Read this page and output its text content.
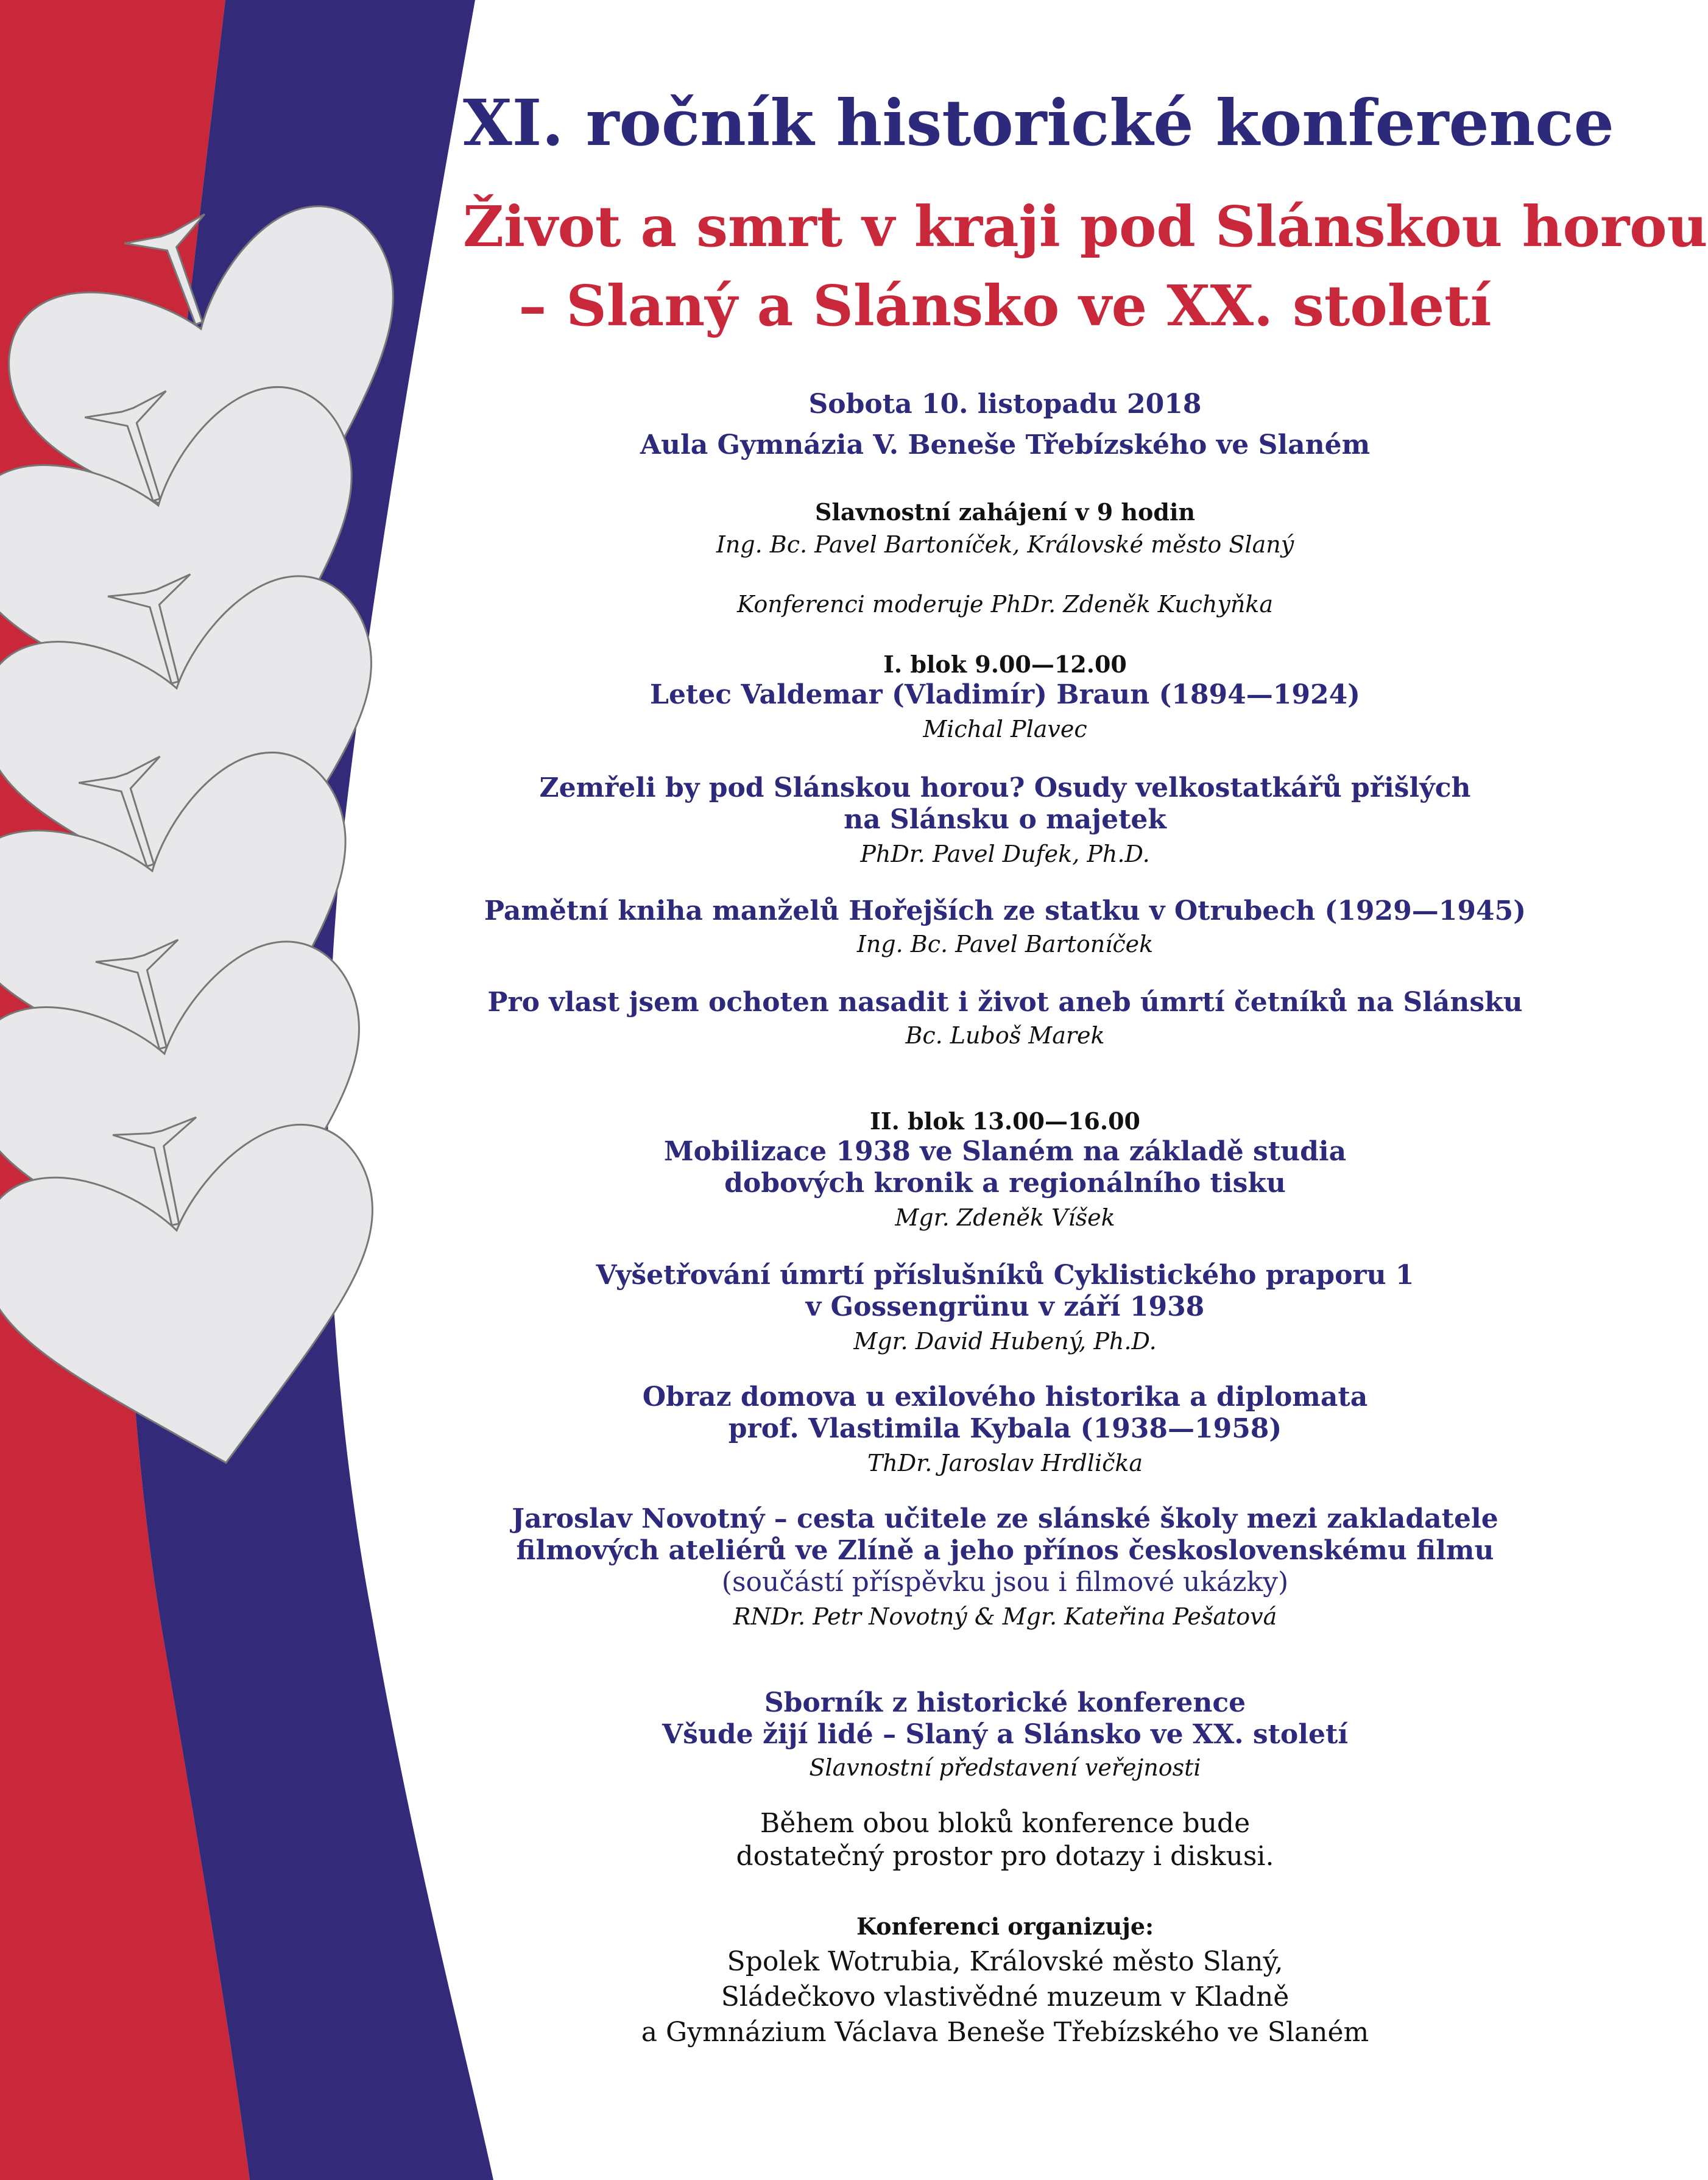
XI. ročník historické konference
Život a smrt v kraji pod Slánskou horou
– Slaný a Slánsko ve XX. století
Sobota 10. listopadu 2018
Aula Gymnázia V. Beneše Třebízského ve Slaném
Slavnostní zahájení v 9 hodin
Ing. Bc. Pavel Bartoníček, Královské město Slaný
Konferenci moderuje PhDr. Zdeněk Kuchyňka
I. blok 9.00—12.00
Letec Valdemar (Vladimír) Braun (1894—1924)
Michal Plavec
Zemřeli by pod Slánskou horou? Osudy velkostatkářů přišlých
na Slánsku o majetek
PhDr. Pavel Dufek, Ph.D.
Pamětní kniha manželů Hořejších ze statku v Otrubech (1929—1945)
Ing. Bc. Pavel Bartoníček
Pro vlast jsem ochoten nasadit i život aneb úmrtí četníků na Slánsku
Bc. Luboš Marek
II. blok 13.00—16.00
Mobilizace 1938 ve Slaném na základě studia
dobových kronik a regionálního tisku
Mgr. Zdeněk Víšek
Vyšetřování úmrtí příslušníků Cyklistického praporu 1
v Gossengrünu v září 1938
Mgr. David Hubený, Ph.D.
Obraz domova u exilového historika a diplomata
prof. Vlastimila Kybala (1938—1958)
ThDr. Jaroslav Hrdlička
Jaroslav Novotný – cesta učitele ze slánské školy mezi zakladatele
filmových ateliérů ve Zlíně a jeho přínos československému filmu
(součástí příspěvku jsou i filmové ukázky)
RNDr. Petr Novotný & Mgr. Kateřina Pešatová
Sborník z historické konference
Všude žijí lidé – Slaný a Slánsko ve XX. století
Slavnostní představení veřejnosti
Během obou bloků konference bude
dostatečný prostor pro dotazy i diskusi.
Konferenci organizuje:
Spolek Wotrubia, Královské město Slaný,
Sládečkovo vlastivědné muzeum v Kladně
a Gymnázium Václava Beneše Třebízského ve Slaném
